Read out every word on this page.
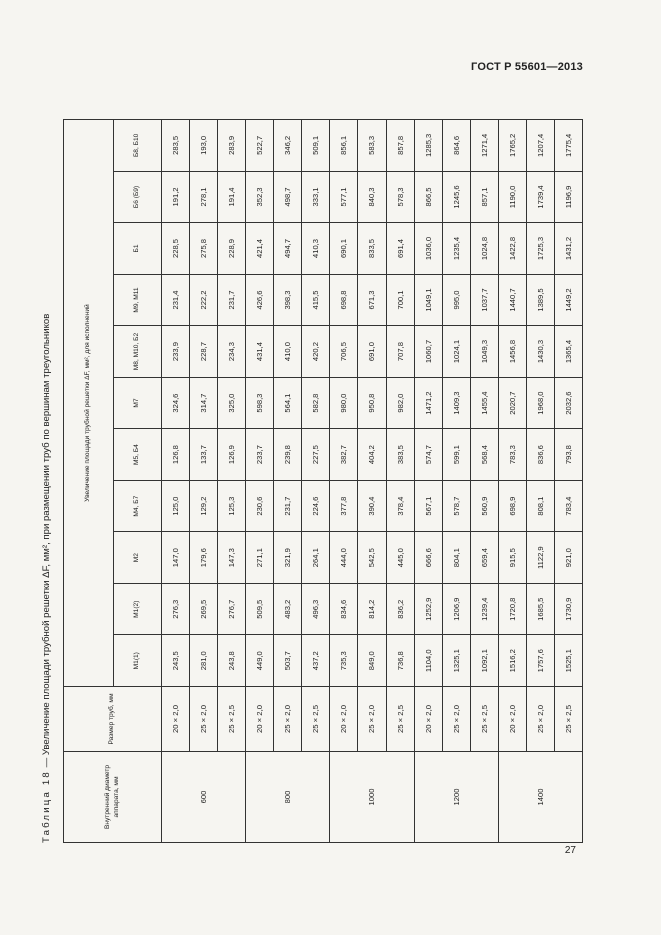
ГОСТ Р 55601—2013
Таблица 18 — Увеличение площади трубной решетки ΔF, мм², при размещении труб по вершинам треугольников
Внутренний диаметр аппарата, мм	Размер труб, мм	Увеличение площади трубной решетки ΔF, мм², для исполнений										
		М1(1)	М1(2)	М2	М4, Б7	М5, Б4	М7	М8, М10, Б2	М9, М11	Б1	Б6 (Б9)	Б8, Б10
600	20 × 2,0	243,5	276,3	147,0	125,0	126,8	324,6	233,9	231,4	228,5	191,2	283,5
	25 × 2,0	281,0	269,5	179,6	129,2	133,7	314,7	228,7	222,2	275,8	278,1	193,0
	25 × 2,5	243,8	276,7	147,3	125,3	126,9	325,0	234,3	231,7	228,9	191,4	283,9
800	20 × 2,0	449,0	509,5	271,1	230,6	233,7	598,3	431,4	426,6	421,4	352,3	522,7
	25 × 2,0	503,7	483,2	321,9	231,7	239,8	564,1	410,0	398,3	494,7	498,7	346,2
	25 × 2,5	437,2	496,3	264,1	224,6	227,5	582,8	420,2	415,5	410,3	333,1	509,1
1000	20 × 2,0	735,3	834,6	444,0	377,8	382,7	980,0	706,5	698,8	690,1	577,1	856,1
	25 × 2,0	849,0	814,2	542,5	390,4	404,2	950,8	691,0	671,3	833,5	840,3	583,3
	25 × 2,5	736,8	836,2	445,0	378,4	383,5	982,0	707,8	700,1	691,4	578,3	857,8
1200	20 × 2,0	1104,0	1252,9	666,6	567,1	574,7	1471,2	1060,7	1049,1	1036,0	866,5	1285,3
	25 × 2,0	1325,1	1206,9	804,1	578,7	599,1	1409,3	1024,1	995,0	1235,4	1245,6	864,6
	25 × 2,5	1092,1	1239,4	659,4	560,9	568,4	1455,4	1049,3	1037,7	1024,8	857,1	1271,4
1400	20 × 2,0	1516,2	1720,8	915,5	698,9	783,3	2020,7	1456,8	1440,7	1422,8	1190,0	1765,2
	25 × 2,0	1757,6	1685,5	1122,9	808,1	836,6	1968,0	1430,3	1389,5	1725,3	1739,4	1207,4
	25 × 2,5	1525,1	1730,9	921,0	783,4	793,8	2032,6	1365,4	1449,2	1431,2	1196,9	1775,4
27
